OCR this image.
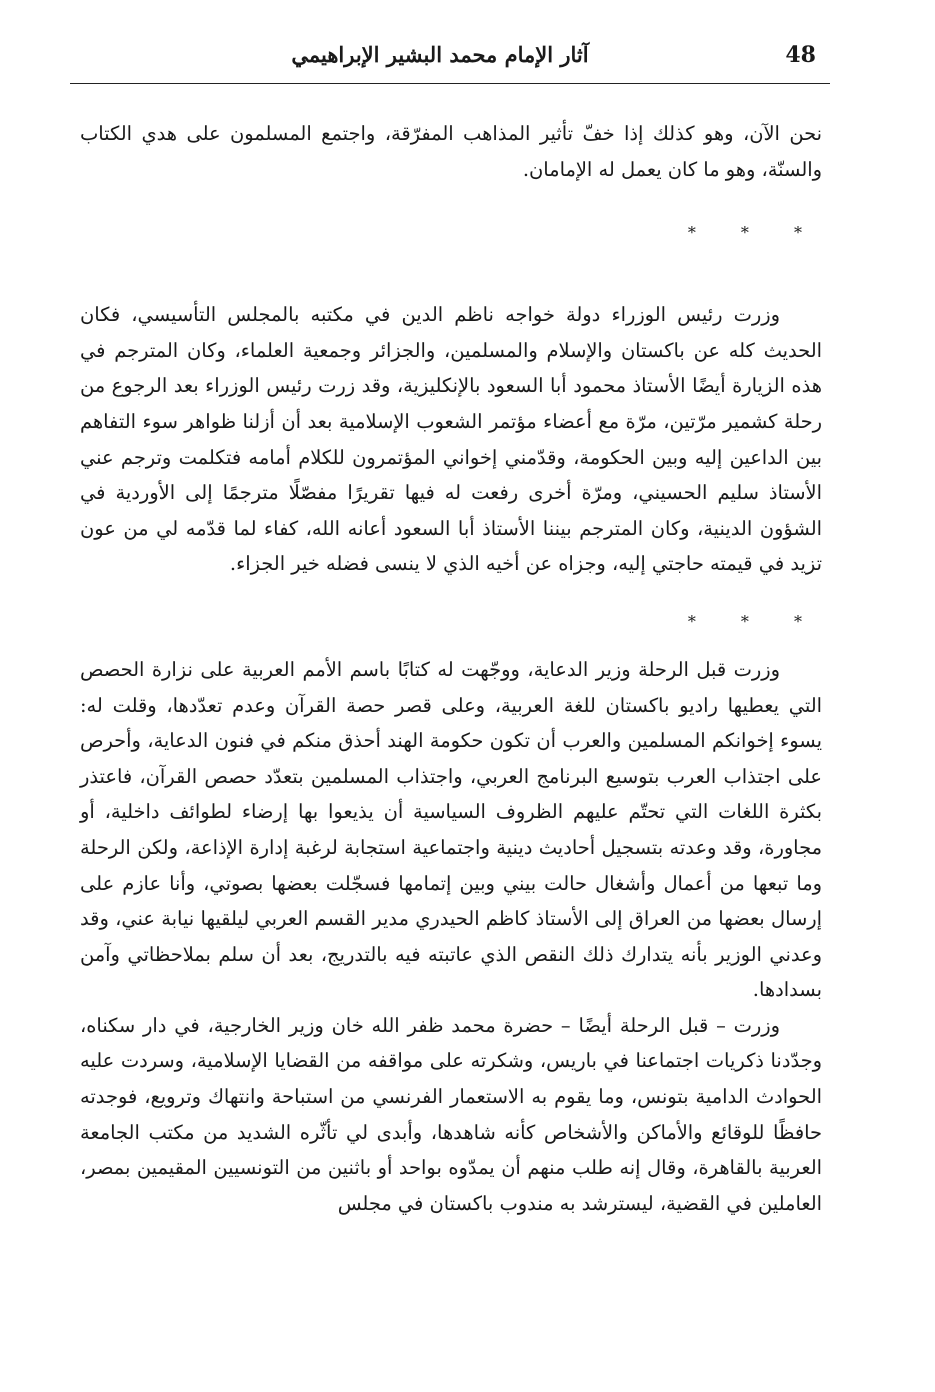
48
آثار الإمام محمد البشير الإبراهيمي

نحن الآن، وهو كذلك إذا خفّ تأثير المذاهب المفرّقة، واجتمع المسلمون على هدي الكتاب والسنّة، وهو ما كان يعمل له الإمامان.

* * *

وزرت رئيس الوزراء دولة خواجه ناظم الدين في مكتبه بالمجلس التأسيسي، فكان الحديث كله عن باكستان والإسلام والمسلمين، والجزائر وجمعية العلماء، وكان المترجم في هذه الزيارة أيضًا الأستاذ محمود أبا السعود بالإنكليزية، وقد زرت رئيس الوزراء بعد الرجوع من رحلة كشمير مرّتين، مرّة مع أعضاء مؤتمر الشعوب الإسلامية بعد أن أزلنا ظواهر سوء التفاهم بين الداعين إليه وبين الحكومة، وقدّمني إخواني المؤتمرون للكلام أمامه فتكلمت وترجم عني الأستاذ سليم الحسيني، ومرّة أخرى رفعت له فيها تقريرًا مفصّلًا مترجمًا إلى الأوردية في الشؤون الدينية، وكان المترجم بيننا الأستاذ أبا السعود أعانه الله، كفاء لما قدّمه لي من عون تزيد في قيمته حاجتي إليه، وجزاه عن أخيه الذي لا ينسى فضله خير الجزاء.

* * *

وزرت قبل الرحلة وزير الدعاية، ووجّهت له كتابًا باسم الأمم العربية على نزارة الحصص التي يعطيها راديو باكستان للغة العربية، وعلى قصر حصة القرآن وعدم تعدّدها، وقلت له: يسوء إخوانكم المسلمين والعرب أن تكون حكومة الهند أحذق منكم في فنون الدعاية، وأحرص على اجتذاب العرب بتوسيع البرنامج العربي، واجتذاب المسلمين بتعدّد حصص القرآن، فاعتذر بكثرة اللغات التي تحتّم عليهم الظروف السياسية أن يذيعوا بها إرضاء لطوائف داخلية، أو مجاورة، وقد وعدته بتسجيل أحاديث دينية واجتماعية استجابة لرغبة إدارة الإذاعة، ولكن الرحلة وما تبعها من أعمال وأشغال حالت بيني وبين إتمامها فسجّلت بعضها بصوتي، وأنا عازم على إرسال بعضها من العراق إلى الأستاذ كاظم الحيدري مدير القسم العربي ليلقيها نيابة عني، وقد وعدني الوزير بأنه يتدارك ذلك النقص الذي عاتبته فيه بالتدريج، بعد أن سلم بملاحظاتي وآمن بسدادها.

وزرت – قبل الرحلة أيضًا – حضرة محمد ظفر الله خان وزير الخارجية، في دار سكناه، وجدّدنا ذكريات اجتماعنا في باريس، وشكرته على مواقفه من القضايا الإسلامية، وسردت عليه الحوادث الدامية بتونس، وما يقوم به الاستعمار الفرنسي من استباحة وانتهاك وترويع، فوجدته حافظًا للوقائع والأماكن والأشخاص كأنه شاهدها، وأبدى لي تأثّره الشديد من مكتب الجامعة العربية بالقاهرة، وقال إنه طلب منهم أن يمدّوه بواحد أو باثنين من التونسيين المقيمين بمصر، العاملين في القضية، ليسترشد به مندوب باكستان في مجلس
